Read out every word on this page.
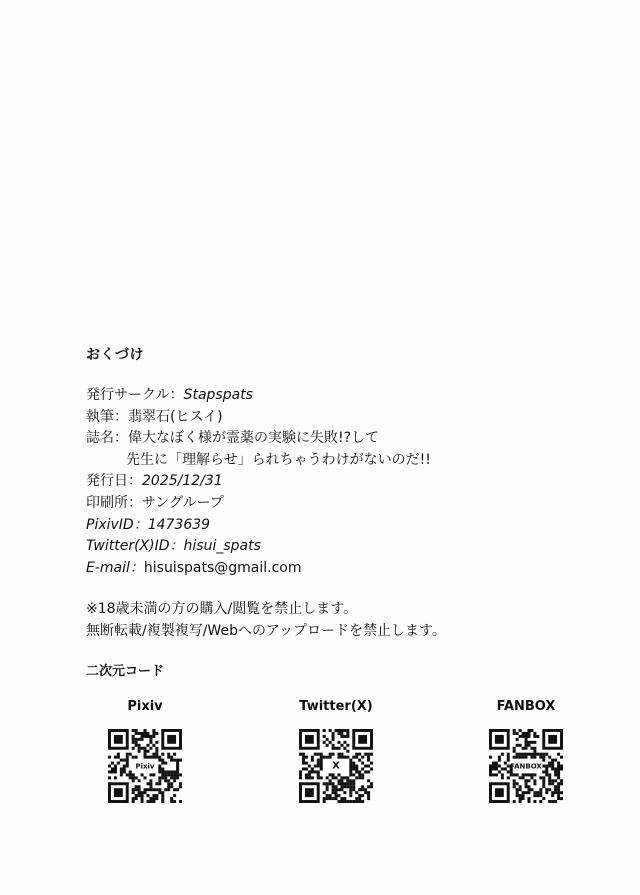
おくづけ
発行サークル：Stapspats
執筆：翡翠石(ヒスイ)
誌名：偉大なぼく様が霊薬の実験に失敗!?して
先生に「理解らせ」られちゃうわけがないのだ!!
発行日：2025/12/31
印刷所：サングループ
PixivID：1473639
Twitter(X)ID：hisui_spats
E-mail：hisuispats@gmail.com
※18歳未満の方の購入/閲覧を禁止します。
無断転載/複製複写/Webへのアップロードを禁止します。
二次元コード
Pixiv
Pixiv
Twitter(X)
X
FANBOX
FANBOX
